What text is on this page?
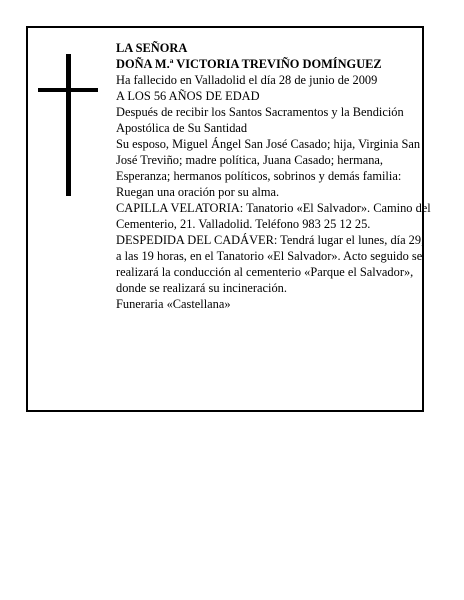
LA SEÑORA

DOÑA M.ª VICTORIA TREVIÑO DOMÍNGUEZ

Ha fallecido en Valladolid el día 28 de junio de 2009

A LOS 56 AÑOS DE EDAD

Después de recibir los Santos Sacramentos y la Bendición Apostólica de Su Santidad

Su esposo, Miguel Ángel San José Casado; hija, Virginia San José Treviño; madre política, Juana Casado; hermana, Esperanza; hermanos políticos, sobrinos y demás familia:

Ruegan una oración por su alma.

CAPILLA VELATORIA: Tanatorio «El Salvador». Camino del Cementerio, 21. Valladolid. Teléfono 983 25 12 25.

DESPEDIDA DEL CADÁVER: Tendrá lugar el lunes, día 29, a las 19 horas, en el Tanatorio «El Salvador». Acto seguido se realizará la conducción al cementerio «Parque el Salvador», donde se realizará su incineración.

Funeraria «Castellana»
